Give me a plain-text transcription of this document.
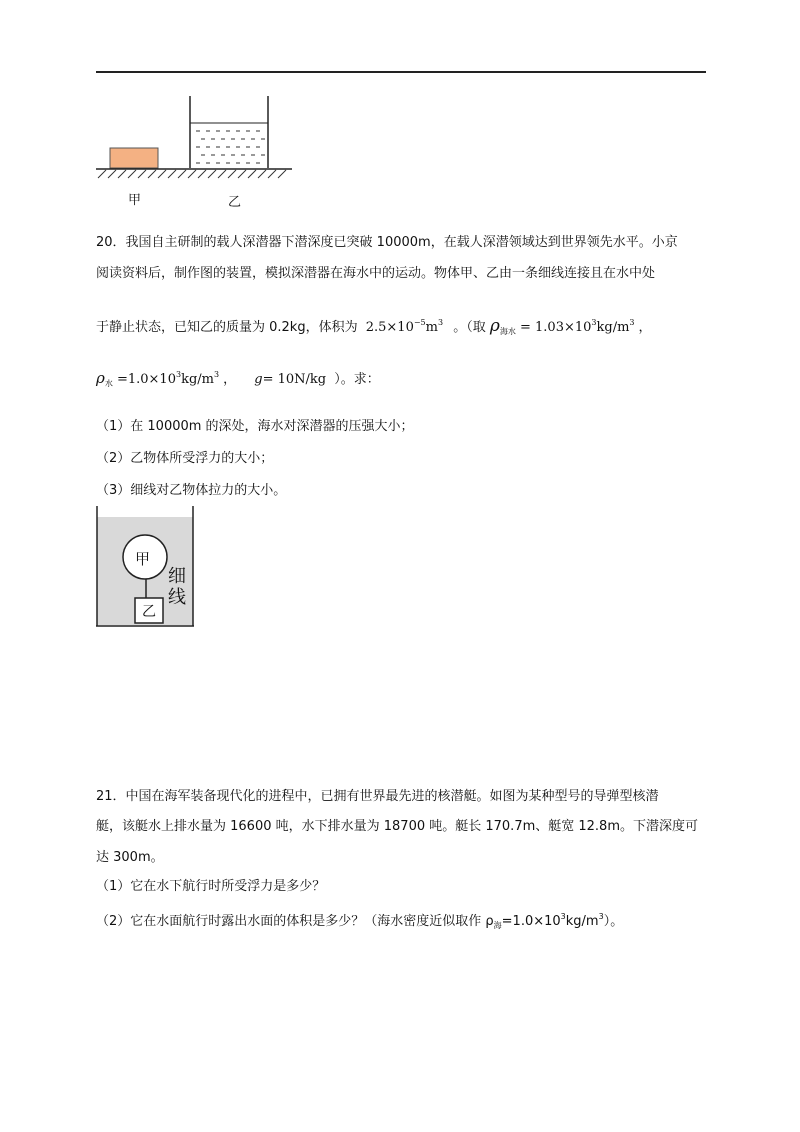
甲	乙
20．我国自主研制的载人深潜器下潜深度已突破 10000m，在载人深潜领域达到世界领先水平。小京
阅读资料后，制作图的装置，模拟深潜器在海水中的运动。物体甲、乙由一条细线连接且在水中处
于静止状态，已知乙的质量为 0.2kg，体积为 $2.5\times 10^{-5}m^3$ 。（取 $\rho_{海水} = 1.03\times 10^3kg/m^3$ ，
$\rho_水 =1.0\times 10^3kg/m^3$ ， g= 10N/kg ）。求：
（1）在 10000m 的深处，海水对深潜器的压强大小；
（2）乙物体所受浮力的大小；
（3）细线对乙物体拉力的大小。
甲
乙
细
线
21．中国在海军装备现代化的进程中，已拥有世界最先进的核潜艇。如图为某种型号的导弹型核潜
艇，该艇水上排水量为 16600 吨，水下排水量为 18700 吨。艇长 170.7m、艇宽 12.8m。下潜深度可
达 300m。
（1）它在水下航行时所受浮力是多少？
（2）它在水面航行时露出水面的体积是多少？（海水密度近似取作 $\rho_海=1.0\times 10^3kg/m^3$）。
